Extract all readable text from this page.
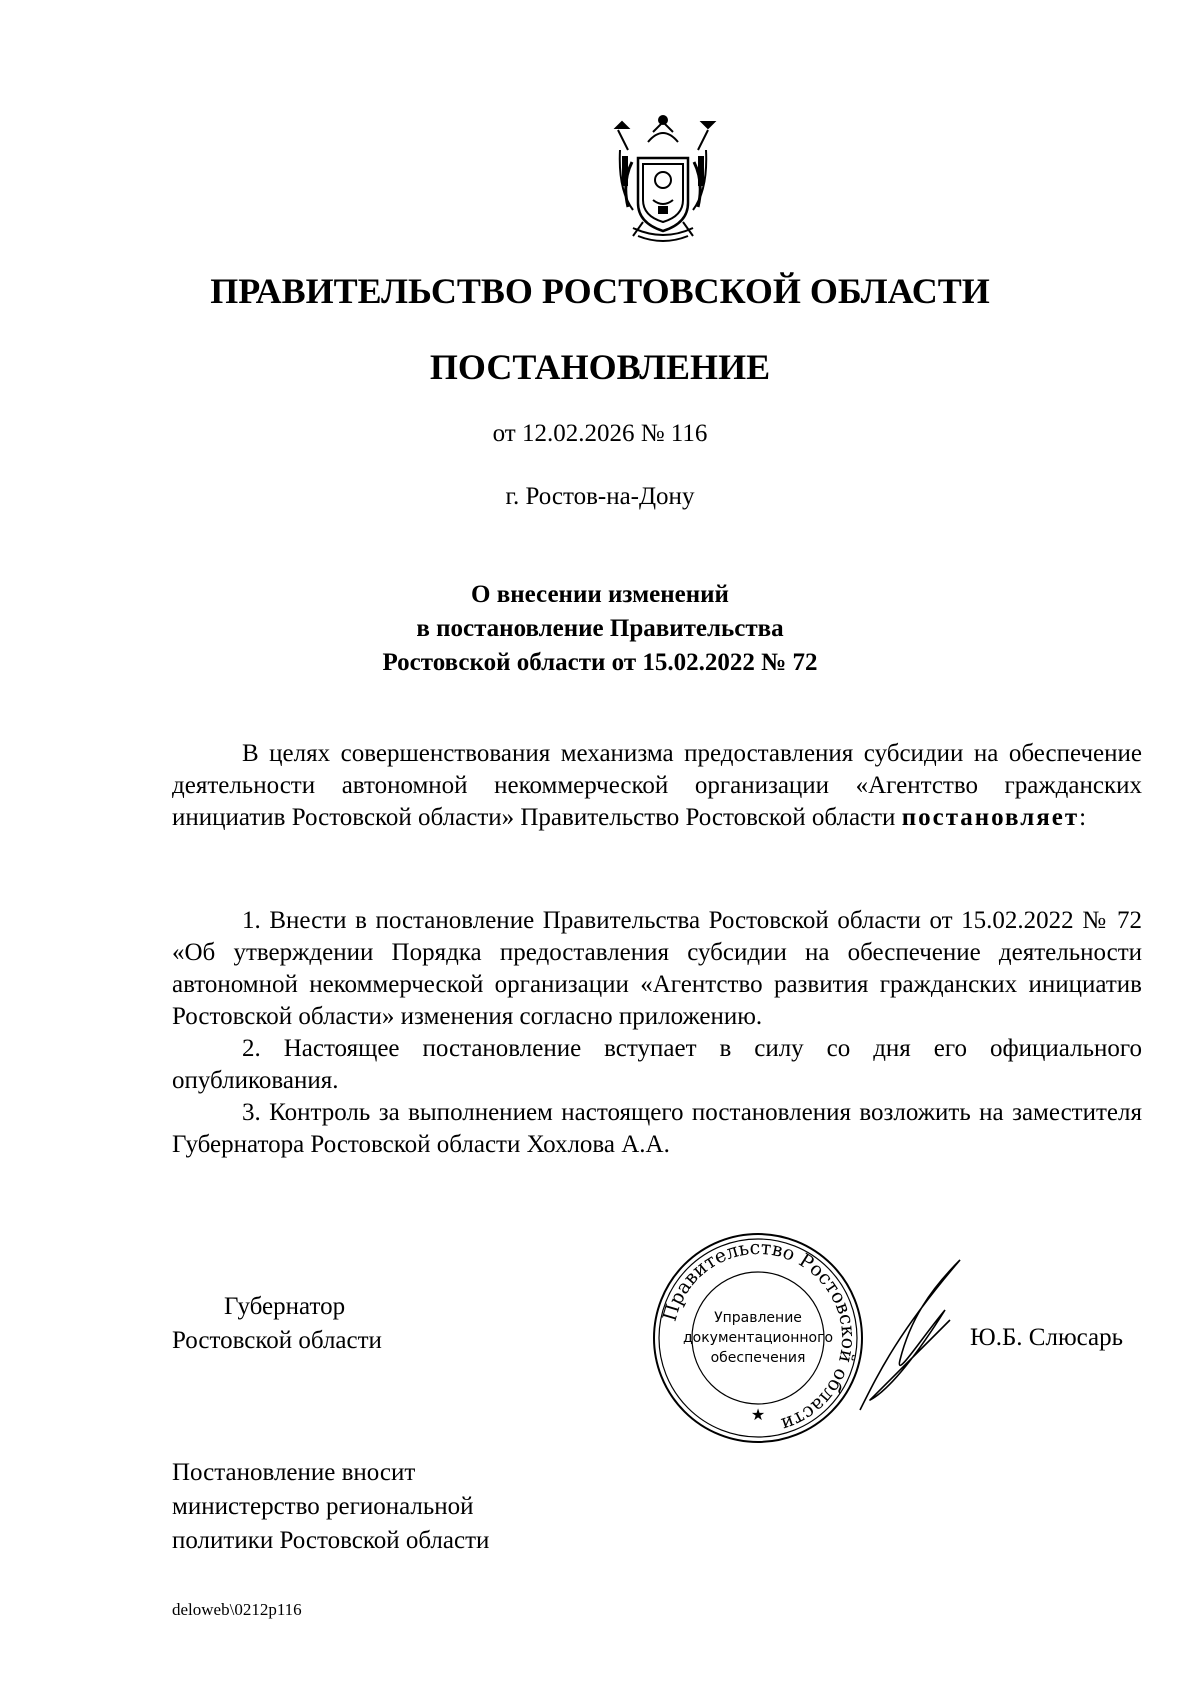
ПРАВИТЕЛЬСТВО РОСТОВСКОЙ ОБЛАСТИ
ПОСТАНОВЛЕНИЕ
от 12.02.2026 № 116
г. Ростов-на-Дону
О внесении изменений
в постановление Правительства
Ростовской области от 15.02.2022 № 72
В целях совершенствования механизма предоставления субсидии на обеспечение деятельности автономной некоммерческой организации «Агентство гражданских инициатив Ростовской области» Правительство Ростовской области постановляет:
1. Внести в постановление Правительства Ростовской области от 15.02.2022 № 72 «Об утверждении Порядка предоставления субсидии на обеспечение деятельности автономной некоммерческой организации «Агентство развития гражданских инициатив Ростовской области» изменения согласно приложению.
2. Настоящее постановление вступает в силу со дня его официального опубликования.
3. Контроль за выполнением настоящего постановления возложить на заместителя Губернатора Ростовской области Хохлова А.А.
Губернатор
Ростовской области
Правительство Ростовской области
Управление
документационного
обеспечения
★
Ю.Б. Слюсарь
Постановление вносит
министерство региональной
политики Ростовской области
deloweb\0212p116
